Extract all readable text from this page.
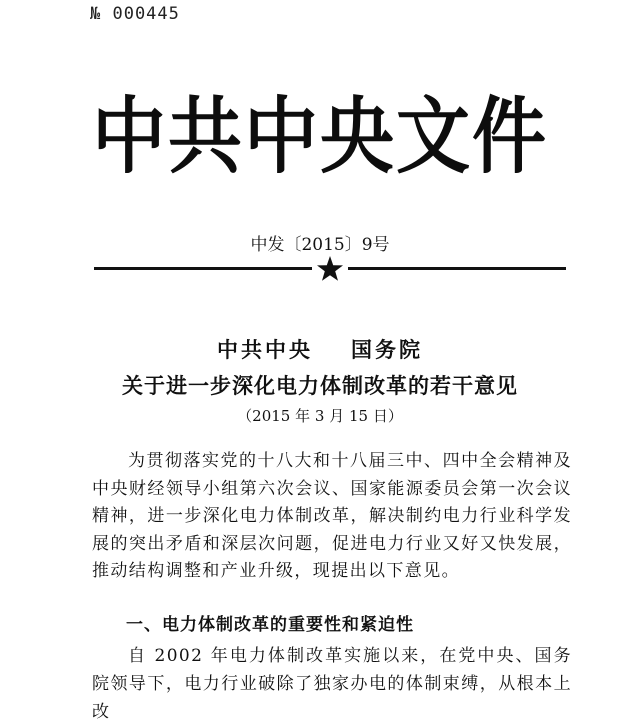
№ 000445
中共中央文件
中发〔2015〕9号
中共中央 国务院
关于进一步深化电力体制改革的若干意见
（2015 年 3 月 15 日）
为贯彻落实党的十八大和十八届三中、四中全会精神及中央财经领导小组第六次会议、国家能源委员会第一次会议精神，进一步深化电力体制改革，解决制约电力行业科学发展的突出矛盾和深层次问题，促进电力行业又好又快发展，推动结构调整和产业升级，现提出以下意见。
一、电力体制改革的重要性和紧迫性
自 2002 年电力体制改革实施以来，在党中央、国务院领导下，电力行业破除了独家办电的体制束缚，从根本上改
